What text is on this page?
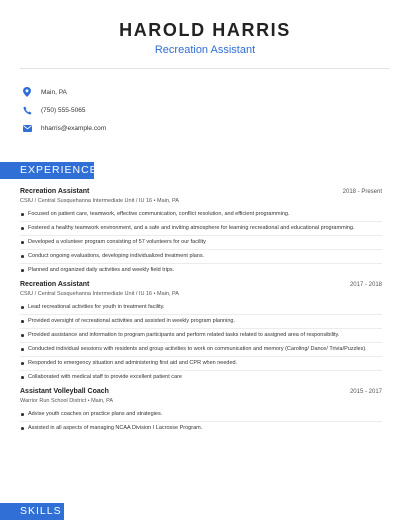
HAROLD HARRIS
Recreation Assistant
Main, PA
(750) 555-5065
hharris@example.com
EXPERIENCE
Recreation Assistant	2018 - Present
CSIU / Central Susquehanna Intermediate Unit / IU 16 • Main, PA
Focused on patient care, teamwork, effective communication, conflict resolution, and efficient programming.
Fostered a healthy teamwork environment, and a safe and inviting atmosphere for learning recreational and educational programming.
Developed a volunteer program consisting of 57 volunteers for our facility
Conduct ongoing evaluations, developing individualized treatment plans.
Planned and organized daily activities and weekly field trips.
Recreation Assistant	2017 - 2018
CSIU / Central Susquehanna Intermediate Unit / IU 16 • Main, PA
Lead recreational activities for youth in treatment facility.
Provided oversight of recreational activities and assisted in weekly program planning.
Provided assistance and information to program participants and perform related tasks related to assigned area of responsibility.
Conducted individual sessions with residents and group activities to work on communication and memory (Caroling/ Dance/ Trivia/Puzzles).
Responded to emergency situation and administering first aid and CPR when needed.
Collaborated with medical staff to provide excellent patient care
Assistant Volleyball Coach	2015 - 2017
Warrior Run School District • Main, PA
Advise youth coaches on practice plans and strategies.
Assisted in all aspects of managing NCAA Division I Lacrosse Program.
SKILLS
